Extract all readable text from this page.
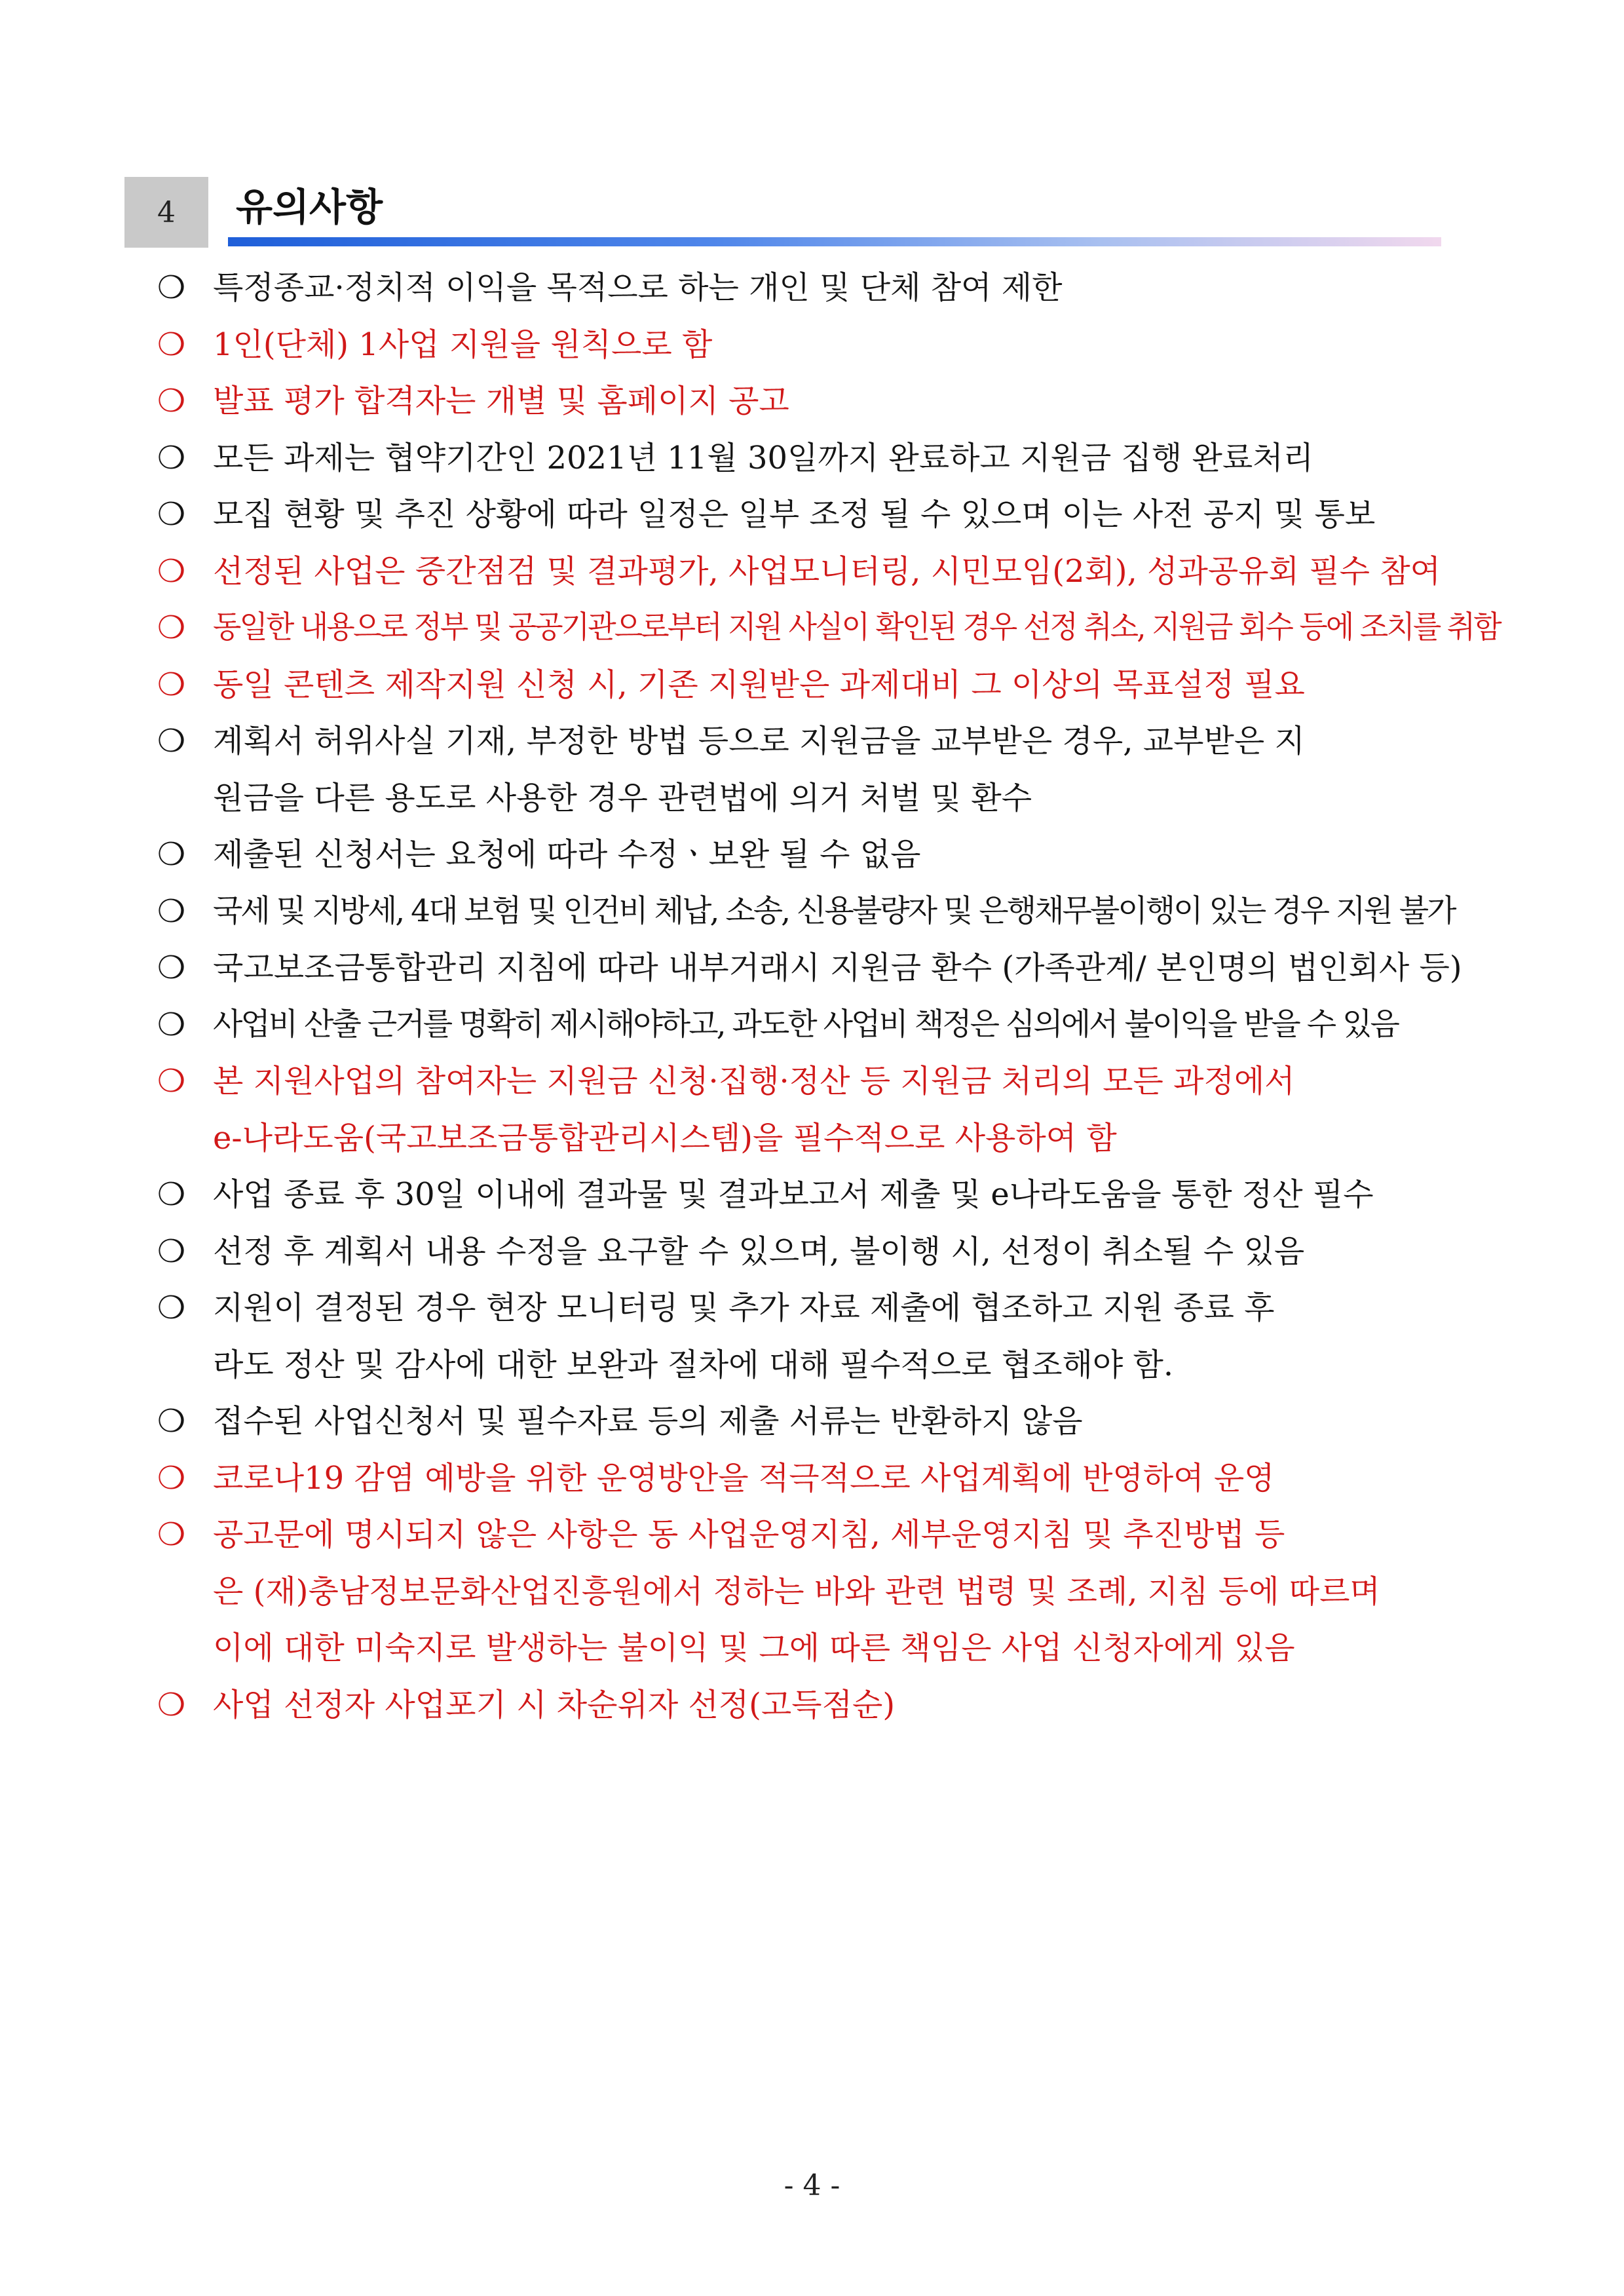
4	유의사항
❍ 특정종교·정치적 이익을 목적으로 하는 개인 및 단체 참여 제한
❍ 1인(단체) 1사업 지원을 원칙으로 함
❍ 발표 평가 합격자는 개별 및 홈페이지 공고
❍ 모든 과제는 협약기간인 2021년 11월 30일까지 완료하고 지원금 집행 완료처리
❍ 모집 현황 및 추진 상황에 따라 일정은 일부 조정 될 수 있으며 이는 사전 공지 및 통보
❍ 선정된 사업은 중간점검 및 결과평가, 사업모니터링, 시민모임(2회), 성과공유회 필수 참여
❍ 동일한 내용으로 정부 및 공공기관으로부터 지원 사실이 확인된 경우 선정 취소, 지원금 회수 등에 조치를 취함
❍ 동일 콘텐츠 제작지원 신청 시, 기존 지원받은 과제대비 그 이상의 목표설정 필요
❍ 계획서 허위사실 기재, 부정한 방법 등으로 지원금을 교부받은 경우, 교부받은 지
원금을 다른 용도로 사용한 경우 관련법에 의거 처벌 및 환수
❍ 제출된 신청서는 요청에 따라 수정ㆍ보완 될 수 없음
❍ 국세 및 지방세, 4대 보험 및 인건비 체납, 소송, 신용불량자 및 은행채무불이행이 있는 경우 지원 불가
❍ 국고보조금통합관리 지침에 따라 내부거래시 지원금 환수 (가족관계/ 본인명의 법인회사 등)
❍ 사업비 산출 근거를 명확히 제시해야하고, 과도한 사업비 책정은 심의에서 불이익을 받을 수 있음
❍ 본 지원사업의 참여자는 지원금 신청·집행·정산 등 지원금 처리의 모든 과정에서
e-나라도움(국고보조금통합관리시스템)을 필수적으로 사용하여 함
❍ 사업 종료 후 30일 이내에 결과물 및 결과보고서 제출 및 e나라도움을 통한 정산 필수
❍ 선정 후 계획서 내용 수정을 요구할 수 있으며, 불이행 시, 선정이 취소될 수 있음
❍ 지원이 결정된 경우 현장 모니터링 및 추가 자료 제출에 협조하고 지원 종료 후
라도 정산 및 감사에 대한 보완과 절차에 대해 필수적으로 협조해야 함.
❍ 접수된 사업신청서 및 필수자료 등의 제출 서류는 반환하지 않음
❍ 코로나19 감염 예방을 위한 운영방안을 적극적으로 사업계획에 반영하여 운영
❍ 공고문에 명시되지 않은 사항은 동 사업운영지침, 세부운영지침 및 추진방법 등
은 (재)충남정보문화산업진흥원에서 정하는 바와 관련 법령 및 조례, 지침 등에 따르며
이에 대한 미숙지로 발생하는 불이익 및 그에 따른 책임은 사업 신청자에게 있음
❍ 사업 선정자 사업포기 시 차순위자 선정(고득점순)
- 4 -
